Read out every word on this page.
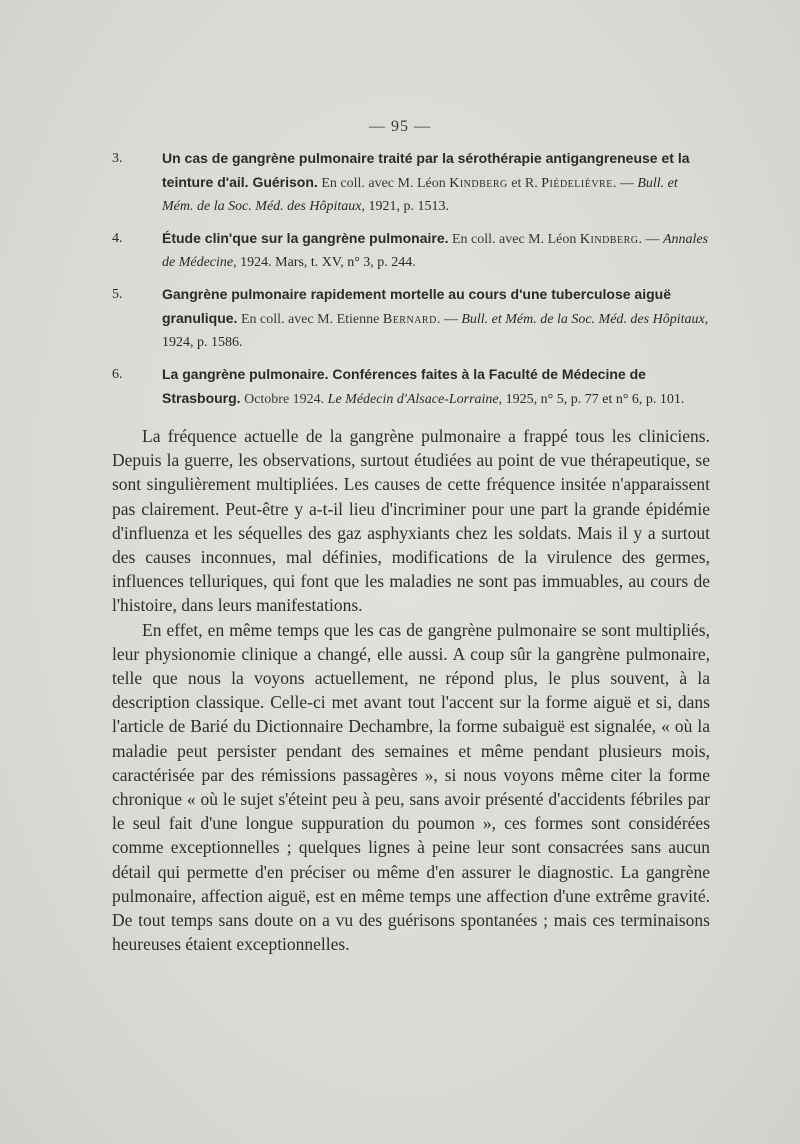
— 95 —
3.	Un cas de gangrène pulmonaire traité par la sérothérapie antigangreneuse et la teinture d'ail. Guérison. En coll. avec M. Léon Kindberg et R. Piédelièvre. — Bull. et Mém. de la Soc. Méd. des Hôpitaux, 1921, p. 1513.
4.	Étude clin'que sur la gangrène pulmonaire. En coll. avec M. Léon Kindberg. — Annales de Médecine, 1924. Mars, t. XV, n° 3, p. 244.
5.	Gangrène pulmonaire rapidement mortelle au cours d'une tuberculose aiguë granulique. En coll. avec M. Etienne Bernard. — Bull. et Mém. de la Soc. Méd. des Hôpitaux, 1924, p. 1586.
6.	La gangrène pulmonaire. Conférences faites à la Faculté de Médecine de Strasbourg. Octobre 1924. Le Médecin d'Alsace-Lorraine, 1925, n° 5, p. 77 et n° 6, p. 101.

La fréquence actuelle de la gangrène pulmonaire a frappé tous les cliniciens. Depuis la guerre, les observations, surtout étudiées au point de vue thérapeutique, se sont singulièrement multipliées. Les causes de cette fréquence insitée n'apparaissent pas clairement. Peut-être y a-t-il lieu d'incriminer pour une part la grande épidémie d'influenza et les séquelles des gaz asphyxiants chez les soldats. Mais il y a surtout des causes inconnues, mal définies, modifications de la virulence des germes, influences telluriques, qui font que les maladies ne sont pas immuables, au cours de l'histoire, dans leurs manifestations.

En effet, en même temps que les cas de gangrène pulmonaire se sont multipliés, leur physionomie clinique a changé, elle aussi. A coup sûr la gangrène pulmonaire, telle que nous la voyons actuellement, ne répond plus, le plus souvent, à la description classique. Celle-ci met avant tout l'accent sur la forme aiguë et si, dans l'article de Barié du Dictionnaire Dechambre, la forme subaiguë est signalée, « où la maladie peut persister pendant des semaines et même pendant plusieurs mois, caractérisée par des rémissions passagères », si nous voyons même citer la forme chronique « où le sujet s'éteint peu à peu, sans avoir présenté d'accidents fébriles par le seul fait d'une longue suppuration du poumon », ces formes sont considérées comme exceptionnelles ; quelques lignes à peine leur sont consacrées sans aucun détail qui permette d'en préciser ou même d'en assurer le diagnostic. La gangrène pulmonaire, affection aiguë, est en même temps une affection d'une extrême gravité. De tout temps sans doute on a vu des guérisons spontanées ; mais ces terminaisons heureuses étaient exceptionnelles.
